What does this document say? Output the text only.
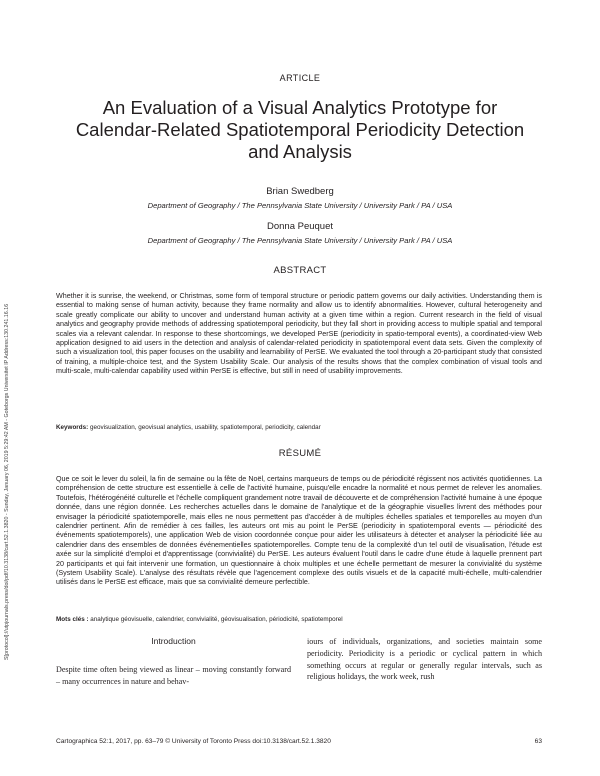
S[protocol]://utpjournals.press/doi/pdf/10.3138/cart.52.1.3820 - Sunday, January 06, 2019 5:29:42 AM - Goteborgs Universitet IP Address:130.241.16.16
ARTICLE
An Evaluation of a Visual Analytics Prototype for Calendar-Related Spatiotemporal Periodicity Detection and Analysis
Brian Swedberg
Department of Geography / The Pennsylvania State University / University Park / PA / USA
Donna Peuquet
Department of Geography / The Pennsylvania State University / University Park / PA / USA
ABSTRACT

Whether it is sunrise, the weekend, or Christmas, some form of temporal structure or periodic pattern governs our daily activities. Understanding them is essential to making sense of human activity, because they frame normality and allow us to identify abnormalities. However, cultural heterogeneity and scale greatly complicate our ability to uncover and understand human activity at a given time within a region. Current research in the field of visual analytics and geography provide methods of addressing spatiotemporal periodicity, but they fall short in providing access to multiple spatial and temporal scales via a relevant calendar. In response to these shortcomings, we developed PerSE (periodicity in spatio-temporal events), a coordinated-view Web application designed to aid users in the detection and analysis of calendar-related periodicity in spatiotemporal event data sets. Given the complexity of such a visualization tool, this paper focuses on the usability and learnability of PerSE. We evaluated the tool through a 20-participant study that consisted of training, a multiple-choice test, and the System Usability Scale. Our analysis of the results shows that the complex combination of visual tools and multi-scale, multi-calendar capability used within PerSE is effective, but still in need of usability improvements.

Keywords: geovisualization, geovisual analytics, usability, spatiotemporal, periodicity, calendar
RÉSUMÉ

Que ce soit le lever du soleil, la fin de semaine ou la fête de Noël, certains marqueurs de temps ou de périodicité régissent nos activités quotidiennes. La compréhension de cette structure est essentielle à celle de l'activité humaine, puisqu'elle encadre la normalité et nous permet de relever les anomalies. Toutefois, l'hétérogénéité culturelle et l'échelle compliquent grandement notre travail de découverte et de compréhension l'activité humaine à une époque donnée, dans une région donnée. Les recherches actuelles dans le domaine de l'analytique et de la géographie visuelles livrent des méthodes pour envisager la périodicité spatiotemporelle, mais elles ne nous permettent pas d'accéder à de multiples échelles spatiales et temporelles au moyen d'un calendrier pertinent. Afin de remédier à ces failles, les auteurs ont mis au point le PerSE (periodicity in spatiotemporal events — périodicité des événements spatiotemporels), une application Web de vision coordonnée conçue pour aider les utilisateurs à détecter et analyser la périodicité liée au calendrier dans des ensembles de données événementielles spatiotemporelles. Compte tenu de la complexité d'un tel outil de visualisation, l'étude est axée sur la simplicité d'emploi et d'apprentissage (convivialité) du PerSE. Les auteurs évaluent l'outil dans le cadre d'une étude à laquelle prennent part 20 participants et qui fait intervenir une formation, un questionnaire à choix multiples et une échelle permettant de mesurer la convivialité du système (System Usability Scale). L'analyse des résultats révèle que l'agencement complexe des outils visuels et de la capacité multi-échelle, multi-calendrier utilisés dans le PerSE est efficace, mais que sa convivialité demeure perfectible.

Mots clés : analytique géovisuelle, calendrier, convivialité, géovisualisation, périodicité, spatiotemporel
Introduction

Despite time often being viewed as linear – moving constantly forward – many occurrences in nature and behav-

iours of individuals, organizations, and societies maintain some periodicity. Periodicity is a periodic or cyclical pattern in which something occurs at regular or generally regular intervals, such as religious holidays, the work week, rush

Cartographica 52:1, 2017, pp. 63–79 © University of Toronto Press doi:10.3138/cart.52.1.3820	63
